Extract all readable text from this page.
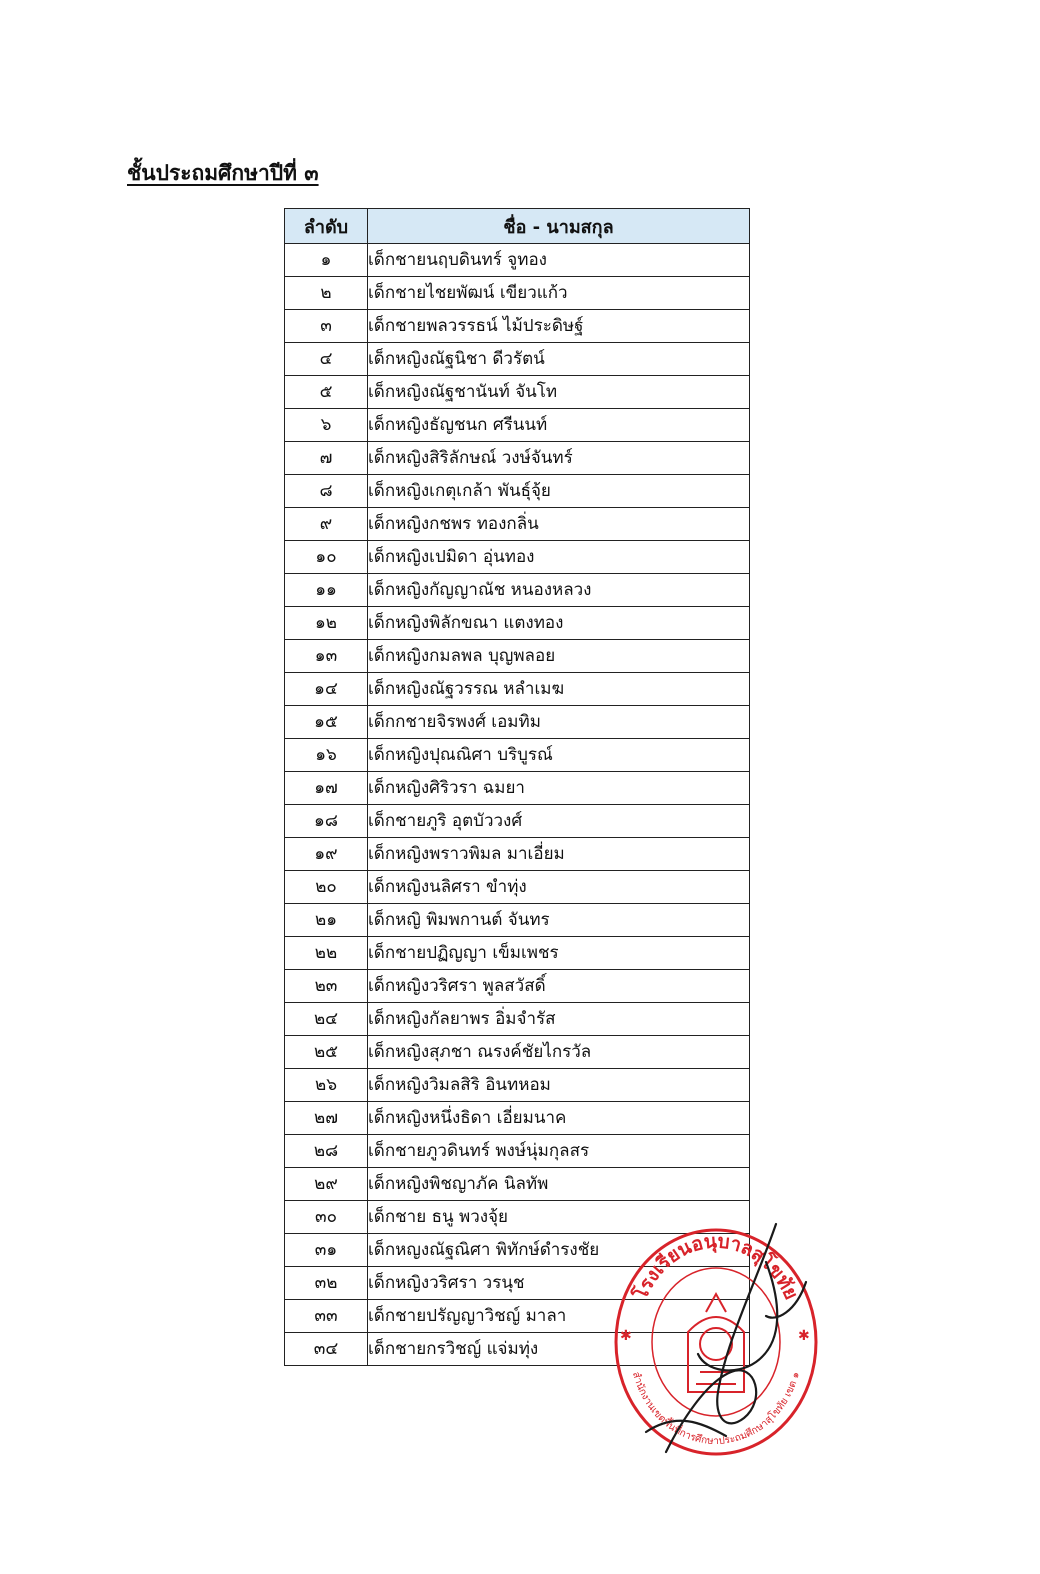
ชั้นประถมศึกษาปีที่ ๓
ลำดับ	ชื่อ - นามสกุล
๑	เด็กชายนฤบดินทร์ จูทอง
๒	เด็กชายไชยพัฒน์ เขียวแก้ว
๓	เด็กชายพลวรรธน์ ไม้ประดิษฐ์
๔	เด็กหญิงณัฐนิชา ดีวรัตน์
๕	เด็กหญิงณัฐชานันท์ จันโท
๖	เด็กหญิงธัญชนก ศรีนนท์
๗	เด็กหญิงสิริลักษณ์ วงษ์จันทร์
๘	เด็กหญิงเกตุเกล้า พันธุ์จุ้ย
๙	เด็กหญิงกชพร ทองกลิ่น
๑๐	เด็กหญิงเปมิดา อุ่นทอง
๑๑	เด็กหญิงกัญญาณัช หนองหลวง
๑๒	เด็กหญิงพิลักขณา แตงทอง
๑๓	เด็กหญิงกมลพล บุญพลอย
๑๔	เด็กหญิงณัฐวรรณ หลำเมฆ
๑๕	เด็กกชายจิรพงศ์ เอมทิม
๑๖	เด็กหญิงปุณณิศา บริบูรณ์
๑๗	เด็กหญิงศิริวรา ฉมยา
๑๘	เด็กชายภูริ อุตบัววงศ์
๑๙	เด็กหญิงพราวพิมล มาเอี่ยม
๒๐	เด็กหญิงนลิศรา ขำทุ่ง
๒๑	เด็กหญิ พิมพกานต์ จันทร
๒๒	เด็กชายปฏิญญา เข็มเพชร
๒๓	เด็กหญิงวริศรา พูลสวัสดิ์
๒๔	เด็กหญิงกัลยาพร อิ่มจำรัส
๒๕	เด็กหญิงสุภชา ณรงค์ชัยไกรวัล
๒๖	เด็กหญิงวิมลสิริ อินทหอม
๒๗	เด็กหญิงหนึ่งธิดา เอี่ยมนาค
๒๘	เด็กชายภูวดินทร์ พงษ์นุ่มกุลสร
๒๙	เด็กหญิงพิชญาภัค นิลทัพ
๓๐	เด็กชาย ธนู พวงจุ้ย
๓๑	เด็กหญงณัฐณิศา พิทักษ์ดำรงชัย
๓๒	เด็กหญิงวริศรา วรนุช
๓๓	เด็กชายปรัญญาวิชญ์ มาลา
๓๔	เด็กชายกรวิชญ์ แจ่มทุ่ง
โรงเรียนอนุบาลสุโขทัย
สำนักงานเขตพื้นที่การศึกษาประถมศึกษาสุโขทัย เขต ๑
✱	✱
